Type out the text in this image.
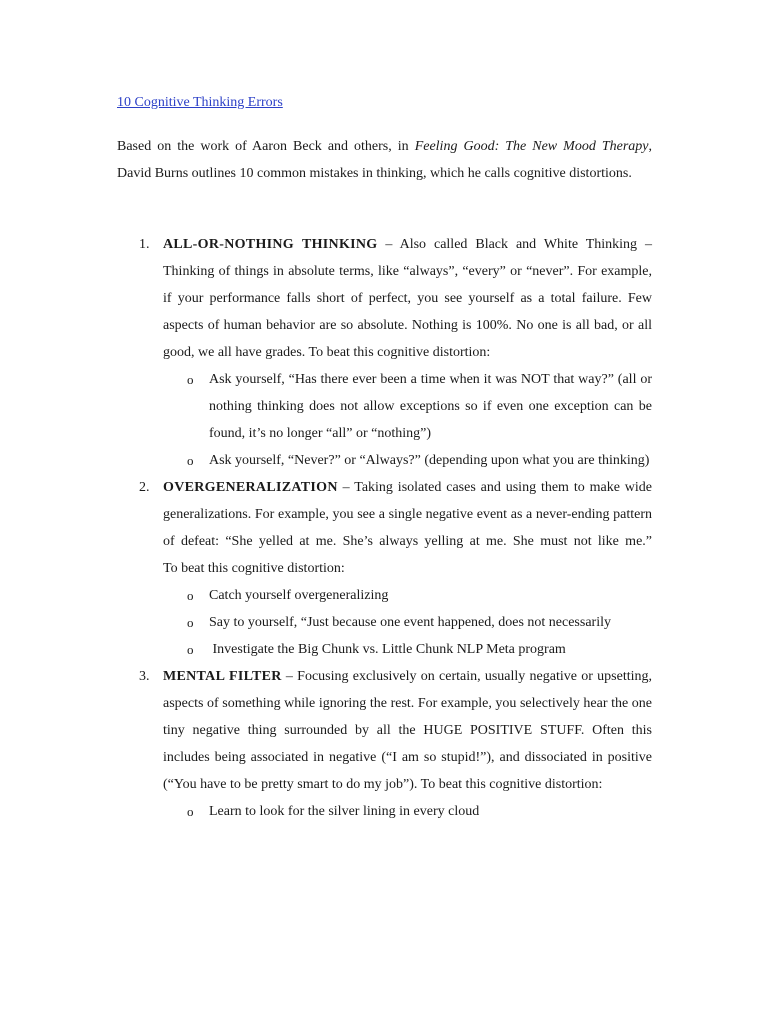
10 Cognitive Thinking Errors

Based on the work of Aaron Beck and others, in Feeling Good: The New Mood Therapy, David Burns outlines 10 common mistakes in thinking, which he calls cognitive distortions.

1. ALL-OR-NOTHING THINKING – Also called Black and White Thinking – Thinking of things in absolute terms, like “always”, “every” or “never”. For example, if your performance falls short of perfect, you see yourself as a total failure. Few aspects of human behavior are so absolute. Nothing is 100%. No one is all bad, or all good, we all have grades. To beat this cognitive distortion:
o Ask yourself, “Has there ever been a time when it was NOT that way?” (all or nothing thinking does not allow exceptions so if even one exception can be found, it’s no longer “all” or “nothing”)
o Ask yourself, “Never?” or “Always?” (depending upon what you are thinking)
2. OVERGENERALIZATION – Taking isolated cases and using them to make wide generalizations. For example, you see a single negative event as a never-ending pattern of defeat: “She yelled at me. She’s always yelling at me. She must not like me.”
To beat this cognitive distortion:
o Catch yourself overgeneralizing
o Say to yourself, “Just because one event happened, does not necessarily
o Investigate the Big Chunk vs. Little Chunk NLP Meta program
3. MENTAL FILTER – Focusing exclusively on certain, usually negative or upsetting, aspects of something while ignoring the rest. For example, you selectively hear the one tiny negative thing surrounded by all the HUGE POSITIVE STUFF. Often this includes being associated in negative (“I am so stupid!”), and dissociated in positive (“You have to be pretty smart to do my job”). To beat this cognitive distortion:
o Learn to look for the silver lining in every cloud
